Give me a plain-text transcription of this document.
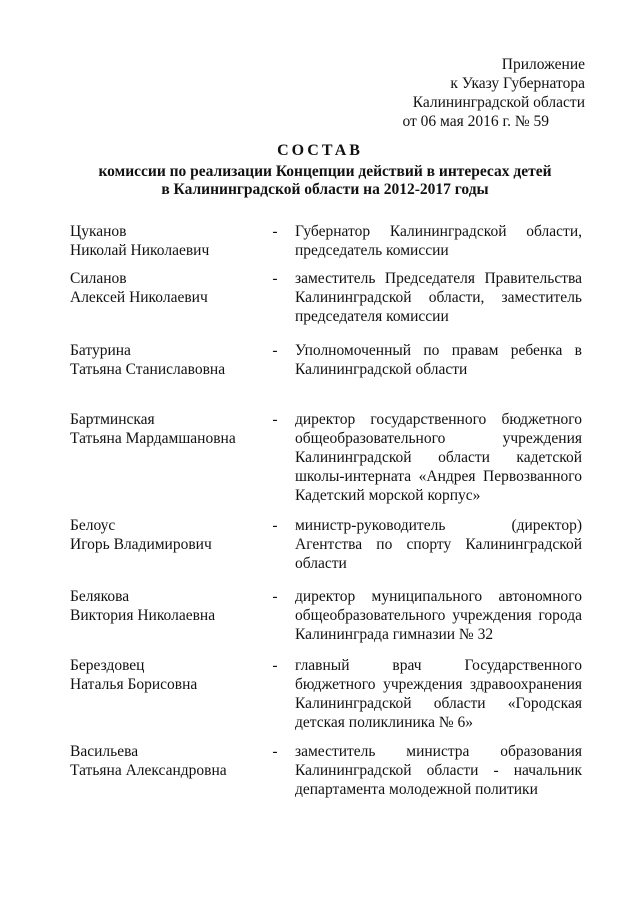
Приложение
к Указу Губернатора
Калининградской области
от 06 мая 2016 г. № 59
СОСТАВ
комиссии по реализации Концепции действий в интересах детей
в Калининградской области на 2012-2017 годы
Цуканов
Николай Николаевич
- Губернатор Калининградской области,
председатель комиссии
Силанов
Алексей Николаевич
- заместитель Председателя Правительства
Калининградской области, заместитель
председателя комиссии
Батурина
Татьяна Станиславовна
- Уполномоченный по правам ребенка в
Калининградской области
Бартминская
Татьяна Мардамшановна
- директор государственного бюджетного
общеобразовательного учреждения
Калининградской области кадетской
школы-интерната «Андрея Первозванного
Кадетский морской корпус»
Белоус
Игорь Владимирович
- министр-руководитель (директор)
Агентства по спорту Калининградской
области
Белякова
Виктория Николаевна
- директор муниципального автономного
общеобразовательного учреждения города
Калининграда гимназии № 32
Берездовец
Наталья Борисовна
- главный врач Государственного
бюджетного учреждения здравоохранения
Калининградской области «Городская
детская поликлиника № 6»
Васильева
Татьяна Александровна
- заместитель министра образования
Калининградской области - начальник
департамента молодежной политики
